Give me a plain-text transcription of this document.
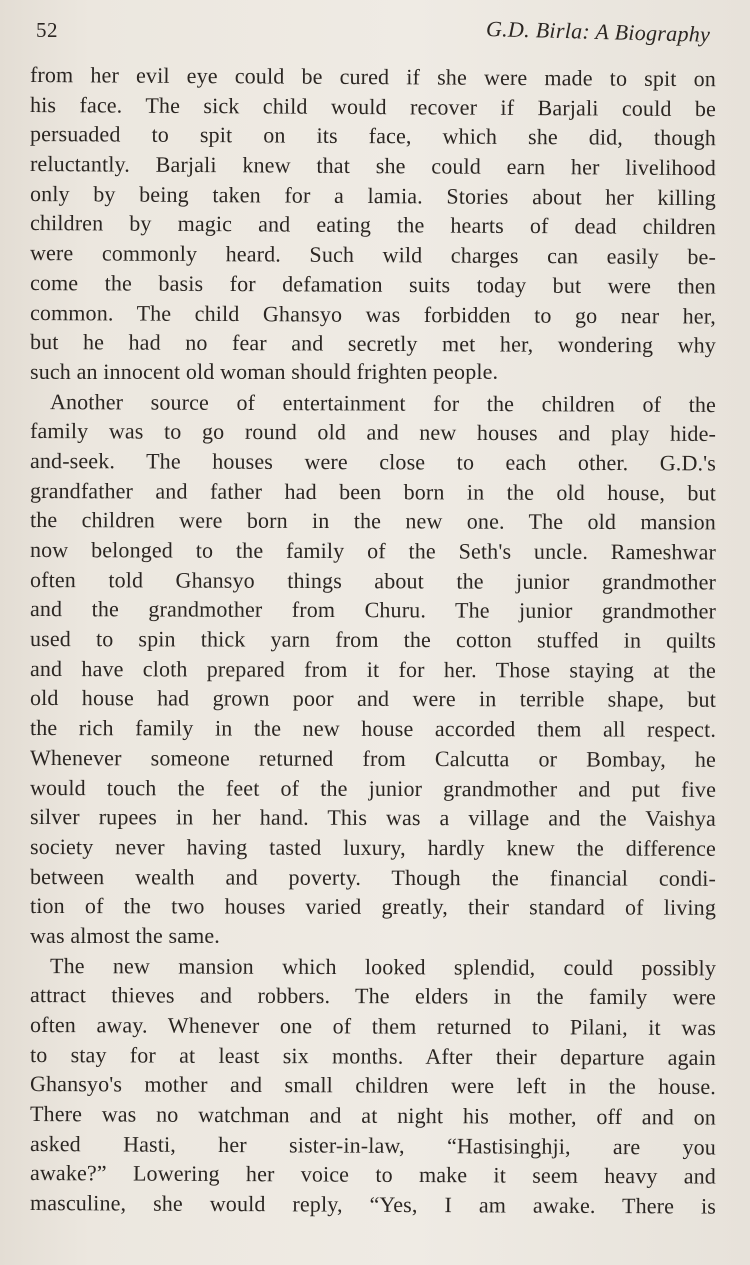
52	G.D. Birla: A Biography
from her evil eye could be cured if she were made to spit on
his face. The sick child would recover if Barjali could be
persuaded to spit on its face, which she did, though
reluctantly. Barjali knew that she could earn her livelihood
only by being taken for a lamia. Stories about her killing
children by magic and eating the hearts of dead children
were commonly heard. Such wild charges can easily be-
come the basis for defamation suits today but were then
common. The child Ghansyo was forbidden to go near her,
but he had no fear and secretly met her, wondering why
such an innocent old woman should frighten people.
Another source of entertainment for the children of the
family was to go round old and new houses and play hide-
and-seek. The houses were close to each other. G.D.'s
grandfather and father had been born in the old house, but
the children were born in the new one. The old mansion
now belonged to the family of the Seth's uncle. Rameshwar
often told Ghansyo things about the junior grandmother
and the grandmother from Churu. The junior grandmother
used to spin thick yarn from the cotton stuffed in quilts
and have cloth prepared from it for her. Those staying at the
old house had grown poor and were in terrible shape, but
the rich family in the new house accorded them all respect.
Whenever someone returned from Calcutta or Bombay, he
would touch the feet of the junior grandmother and put five
silver rupees in her hand. This was a village and the Vaishya
society never having tasted luxury, hardly knew the difference
between wealth and poverty. Though the financial condi-
tion of the two houses varied greatly, their standard of living
was almost the same.
The new mansion which looked splendid, could possibly
attract thieves and robbers. The elders in the family were
often away. Whenever one of them returned to Pilani, it was
to stay for at least six months. After their departure again
Ghansyo's mother and small children were left in the house.
There was no watchman and at night his mother, off and on
asked Hasti, her sister-in-law, “Hastisinghji, are you
awake?” Lowering her voice to make it seem heavy and
masculine, she would reply, “Yes, I am awake. There is
